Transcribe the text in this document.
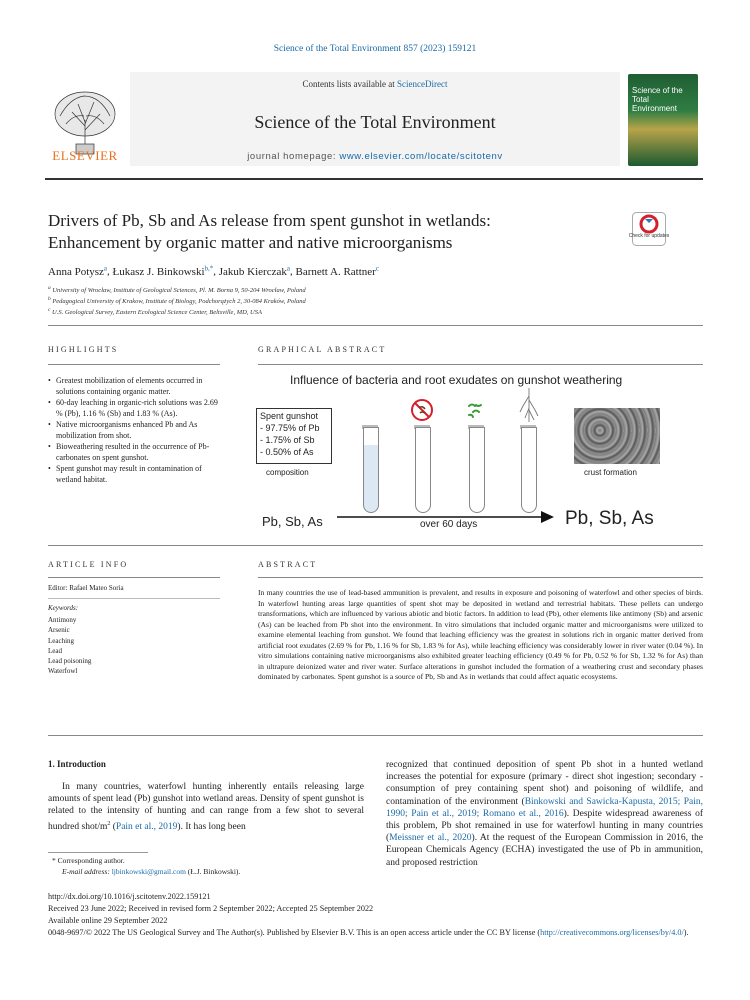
Science of the Total Environment 857 (2023) 159121
Contents lists available at ScienceDirect
Science of the Total Environment
journal homepage: www.elsevier.com/locate/scitotenv
ELSEVIER
Science of the Total Environment
Drivers of Pb, Sb and As release from spent gunshot in wetlands:
Enhancement by organic matter and native microorganisms	Check for updates
Anna Potysz$^a$, Łukasz J. Binkowski$^{b,*}$, Jakub Kierczak$^a$, Barnett A. Rattner$^c$
$^a$ University of Wrocław, Institute of Geological Sciences, Pl. M. Borna 9, 50-204 Wrocław, Poland
$^b$ Pedagogical University of Krakow, Institute of Biology, Podchorążych 2, 30-084 Kraków, Poland
$^c$ U.S. Geological Survey, Eastern Ecological Science Center, Beltsville, MD, USA
HIGHLIGHTS
• Greatest mobilization of elements occurred in solutions containing organic matter.
• 60-day leaching in organic-rich solutions was 2.69 % (Pb), 1.16 % (Sb) and 1.83 % (As).
• Native microorganisms enhanced Pb and As mobilization from shot.
• Bioweathering resulted in the occurrence of Pb-carbonates on spent gunshot.
• Spent gunshot may result in contamination of wetland habitat.
GRAPHICAL ABSTRACT
Influence of bacteria and root exudates on gunshot weathering
Spent gunshot
- 97.75% of Pb
- 1.75% of Sb
- 0.50% of As
composition	crust formation
Pb, Sb, As	over 60 days	Pb, Sb, As
ARTICLE INFO
Editor: Rafael Mateo Soria
Keywords:
Antimony
Arsenic
Leaching
Lead
Lead poisoning
Waterfowl
ABSTRACT
In many countries the use of lead-based ammunition is prevalent, and results in exposure and poisoning of waterfowl and other species of birds. In waterfowl hunting areas large quantities of spent shot may be deposited in wetland and terrestrial habitats. These pellets can undergo transformations, which are influenced by various abiotic and biotic factors. In addition to lead (Pb), other elements like antimony (Sb) and arsenic (As) can be leached from Pb shot into the environment. In vitro simulations that included organic matter and microorganisms were utilized to examine elemental leaching from gunshot. We found that leaching efficiency was the greatest in solutions rich in organic matter derived from artificial root exudates (2.69 % for Pb, 1.16 % for Sb, 1.83 % for As), while leaching efficiency was considerably lower in river water (0.04 %). In vitro simulations containing native microorganisms also exhibited greater leaching efficiency (0.49 % for Pb, 0.52 % for Sb, 1.32 % for As) than in ultrapure deionized water and river water. Surface alterations in gunshot included the formation of a weathering crust and secondary phases dominated by carbonates. Spent gunshot is a source of Pb, Sb and As in wetlands that could affect aquatic ecosystems.
1. Introduction
In many countries, waterfowl hunting inherently entails releasing large amounts of spent lead (Pb) gunshot into wetland areas. Density of spent gunshot is related to the intensity of hunting and can range from a few shot to several hundred shot/$m^2$ (Pain et al., 2019). It has long been
* Corresponding author.
E-mail address: ljbinkowski@gmail.com (Ł.J. Binkowski).
recognized that continued deposition of spent Pb shot in a hunted wetland increases the potential for exposure (primary - direct shot ingestion; secondary - consumption of prey containing spent shot) and poisoning of wildlife, and contamination of the environment (Binkowski and Sawicka-Kapusta, 2015; Pain, 1990; Pain et al., 2019; Romano et al., 2016). Despite widespread awareness of this problem, Pb shot remained in use for waterfowl hunting in many countries (Meissner et al., 2020). At the request of the European Commission in 2016, the European Chemicals Agency (ECHA) investigated the use of Pb in ammunition, and proposed restriction
http://dx.doi.org/10.1016/j.scitotenv.2022.159121
Received 23 June 2022; Received in revised form 2 September 2022; Accepted 25 September 2022
Available online 29 September 2022
0048-9697/© 2022 The US Geological Survey and The Author(s). Published by Elsevier B.V. This is an open access article under the CC BY license (http://creativecommons.org/licenses/by/4.0/).
